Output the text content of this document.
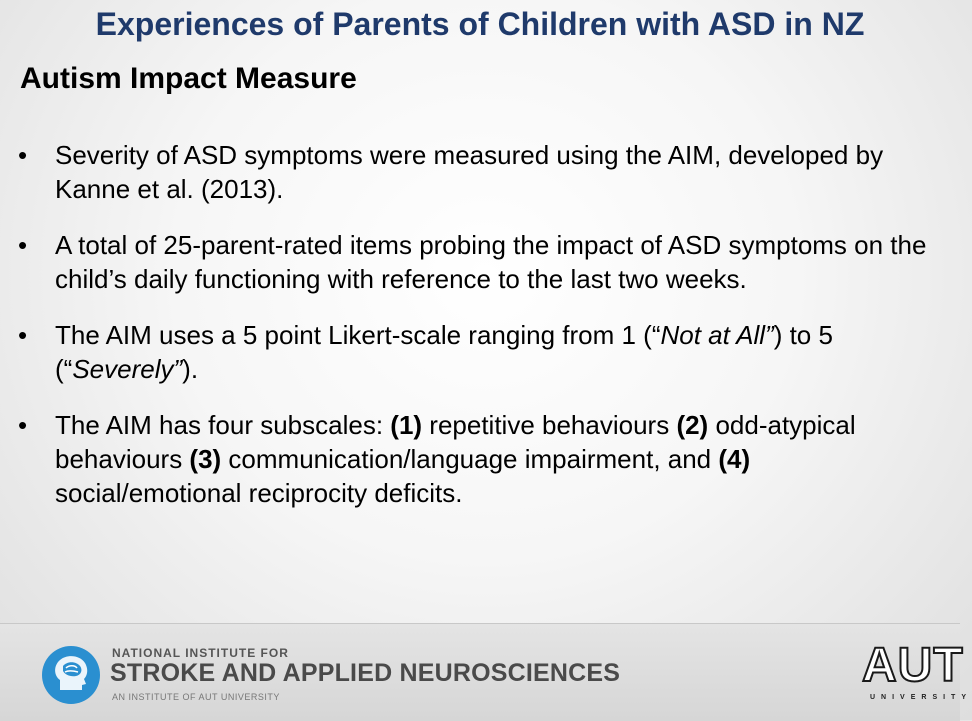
Experiences of Parents of Children with ASD in NZ
Autism Impact Measure
• Severity of ASD symptoms were measured using the AIM, developed by Kanne et al. (2013).
• A total of 25-parent-rated items probing the impact of ASD symptoms on the child’s daily functioning with reference to the last two weeks.
• The AIM uses a 5 point Likert-scale ranging from 1 (“Not at All”) to 5 (“Severely”).
• The AIM has four subscales: (1) repetitive behaviours (2) odd-atypical behaviours (3) communication/language impairment, and (4) social/emotional reciprocity deficits.
NATIONAL INSTITUTE FOR
STROKE AND APPLIED NEUROSCIENCES
AN INSTITUTE OF AUT UNIVERSITY
AUT
UNIVERSITY
